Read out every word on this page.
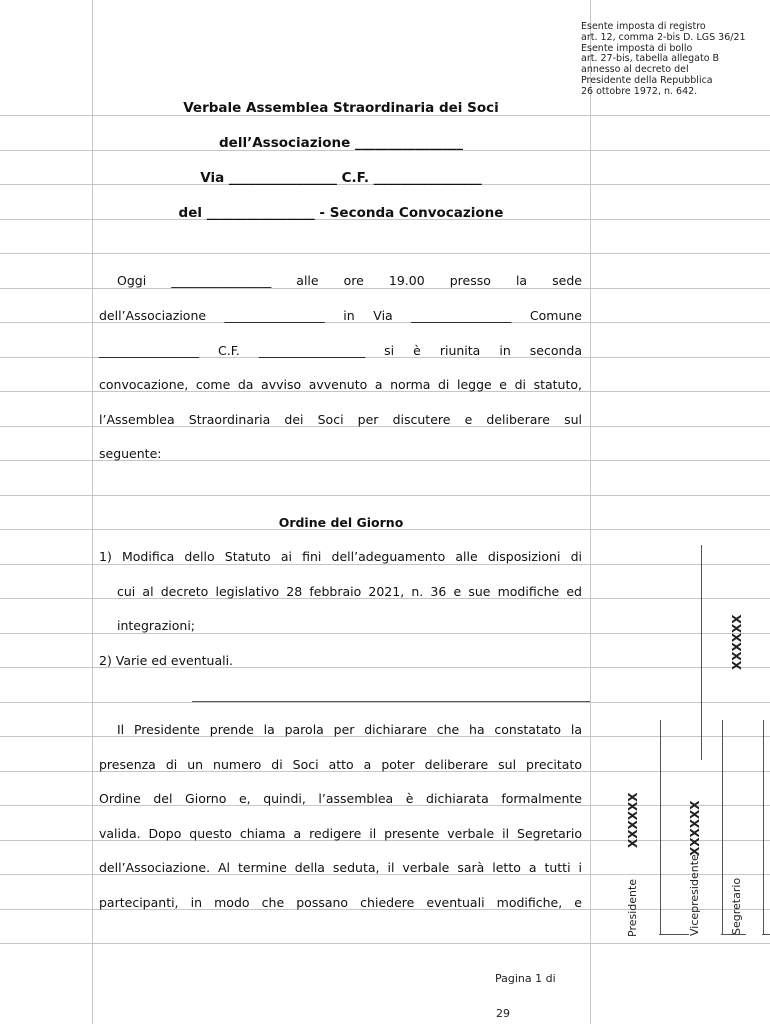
Esente imposta di registro
art. 12, comma 2-bis D. LGS 36/21
Esente imposta di bollo
art. 27-bis, tabella allegato B
annesso al decreto del
Presidente della Repubblica
26 ottobre 1972, n. 642.
Verbale Assemblea Straordinaria dei Soci
dell’Associazione ________________
Via ________________ C.F. ________________
del ________________ - Seconda Convocazione
Oggi ________________ alle ore 19.00 presso la sede
dell’Associazione ________________ in Via ________________ Comune
________________ C.F. _________________ si è riunita in seconda
convocazione, come da avviso avvenuto a norma di legge e di statuto,
l’Assemblea Straordinaria dei Soci per discutere e deliberare sul
seguente:
Ordine del Giorno
1) Modifica dello Statuto ai fini dell’adeguamento alle disposizioni di
cui al decreto legislativo 28 febbraio 2021, n. 36 e sue modifiche ed
integrazioni;
2) Varie ed eventuali.
Il Presidente prende la parola per dichiarare che ha constatato la
presenza di un numero di Soci atto a poter deliberare sul precitato
Ordine del Giorno e, quindi, l’assemblea è dichiarata formalmente
valida. Dopo questo chiama a redigere il presente verbale il Segretario
dell’Associazione. Al termine della seduta, il verbale sarà letto a tutti i
partecipanti, in modo che possano chiedere eventuali modifiche, e
XXXXXX
XXXXXX
Presidente
XXXXXX
Vicepresidente	Segretario
Pagina 1 di
29
